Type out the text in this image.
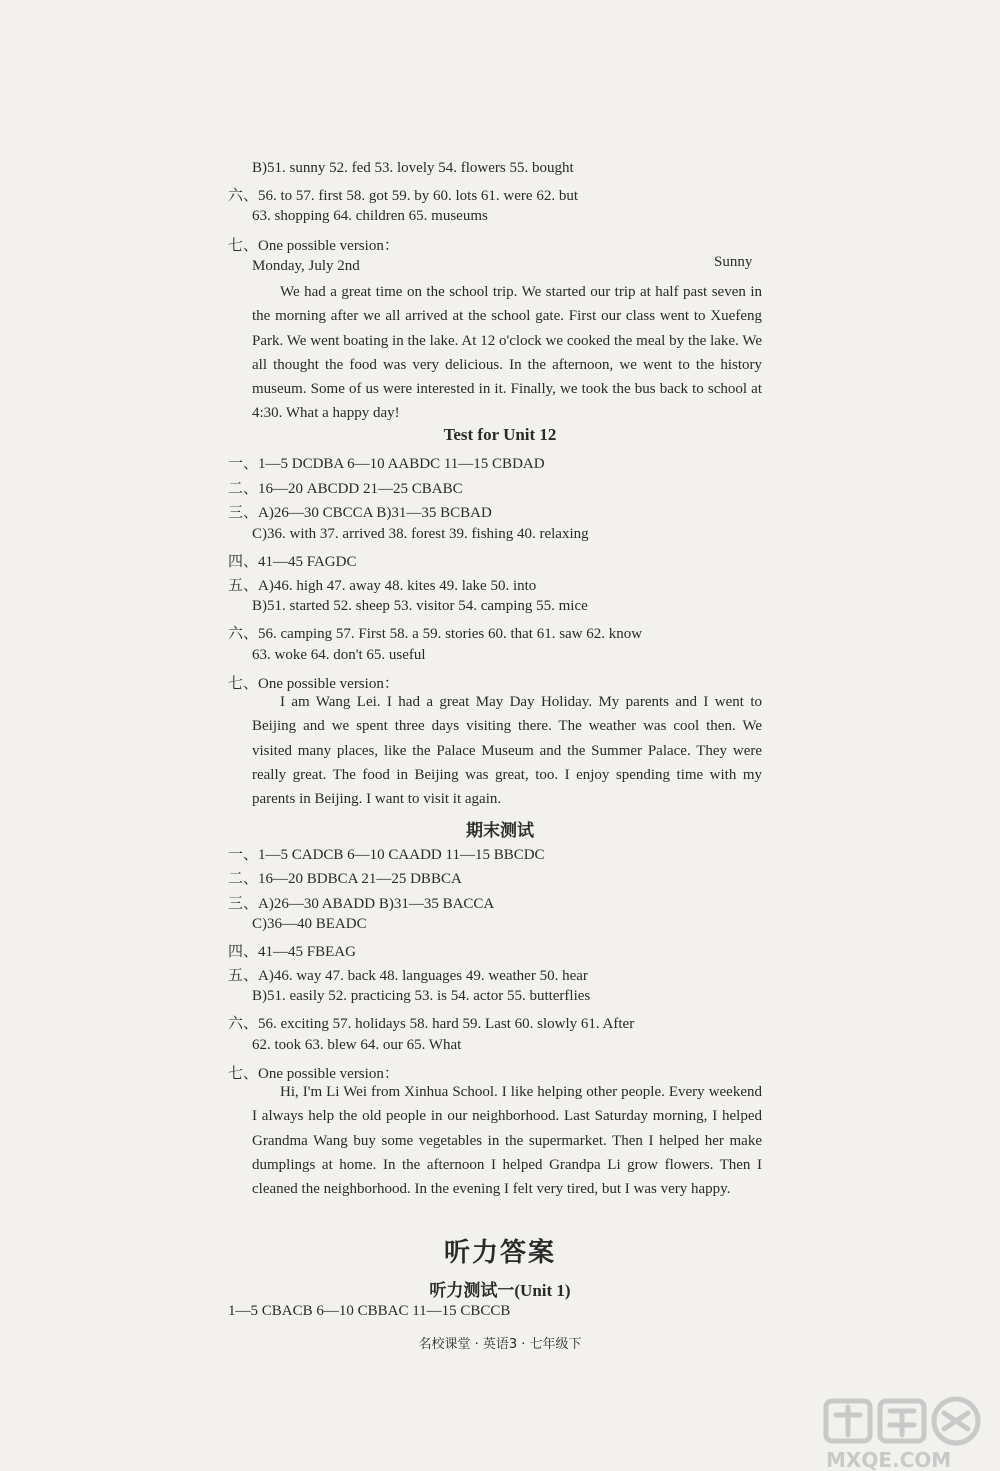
B)51. sunny 52. fed 53. lovely 54. flowers 55. bought
六、56. to 57. first 58. got 59. by 60. lots 61. were 62. but
63. shopping 64. children 65. museums
七、One possible version：
Monday, July 2nd	Sunny

We had a great time on the school trip. We started our trip at half past seven in the morning after we all arrived at the school gate. First our class went to Xuefeng Park. We went boating in the lake. At 12 o'clock we cooked the meal by the lake. We all thought the food was very delicious. In the afternoon, we went to the history museum. Some of us were interested in it. Finally, we took the bus back to school at 4:30. What a happy day!

Test for Unit 12
一、1—5 DCDBA 6—10 AABDC 11—15 CBDAD
二、16—20 ABCDD 21—25 CBABC
三、A)26—30 CBCCA B)31—35 BCBAD
C)36. with 37. arrived 38. forest 39. fishing 40. relaxing
四、41—45 FAGDC
五、A)46. high 47. away 48. kites 49. lake 50. into
B)51. started 52. sheep 53. visitor 54. camping 55. mice
六、56. camping 57. First 58. a 59. stories 60. that 61. saw 62. know
63. woke 64. don't 65. useful
七、One possible version：

I am Wang Lei. I had a great May Day Holiday. My parents and I went to Beijing and we spent three days visiting there. The weather was cool then. We visited many places, like the Palace Museum and the Summer Palace. They were really great. The food in Beijing was great, too. I enjoy spending time with my parents in Beijing. I want to visit it again.

期末测试
一、1—5 CADCB 6—10 CAADD 11—15 BBCDC
二、16—20 BDBCA 21—25 DBBCA
三、A)26—30 ABADD B)31—35 BACCA
C)36—40 BEADC
四、41—45 FBEAG
五、A)46. way 47. back 48. languages 49. weather 50. hear
B)51. easily 52. practicing 53. is 54. actor 55. butterflies
六、56. exciting 57. holidays 58. hard 59. Last 60. slowly 61. After
62. took 63. blew 64. our 65. What
七、One possible version：

Hi, I'm Li Wei from Xinhua School. I like helping other people. Every weekend I always help the old people in our neighborhood. Last Saturday morning, I helped Grandma Wang buy some vegetables in the supermarket. Then I helped her make dumplings at home. In the afternoon I helped Grandpa Li grow flowers. Then I cleaned the neighborhood. In the evening I felt very tired, but I was very happy.

听力答案
听力测试一(Unit 1)
1—5 CBACB 6—10 CBBAC 11—15 CBCCB
名校课堂 · 英语3 · 七年级下
MXQE.COM
